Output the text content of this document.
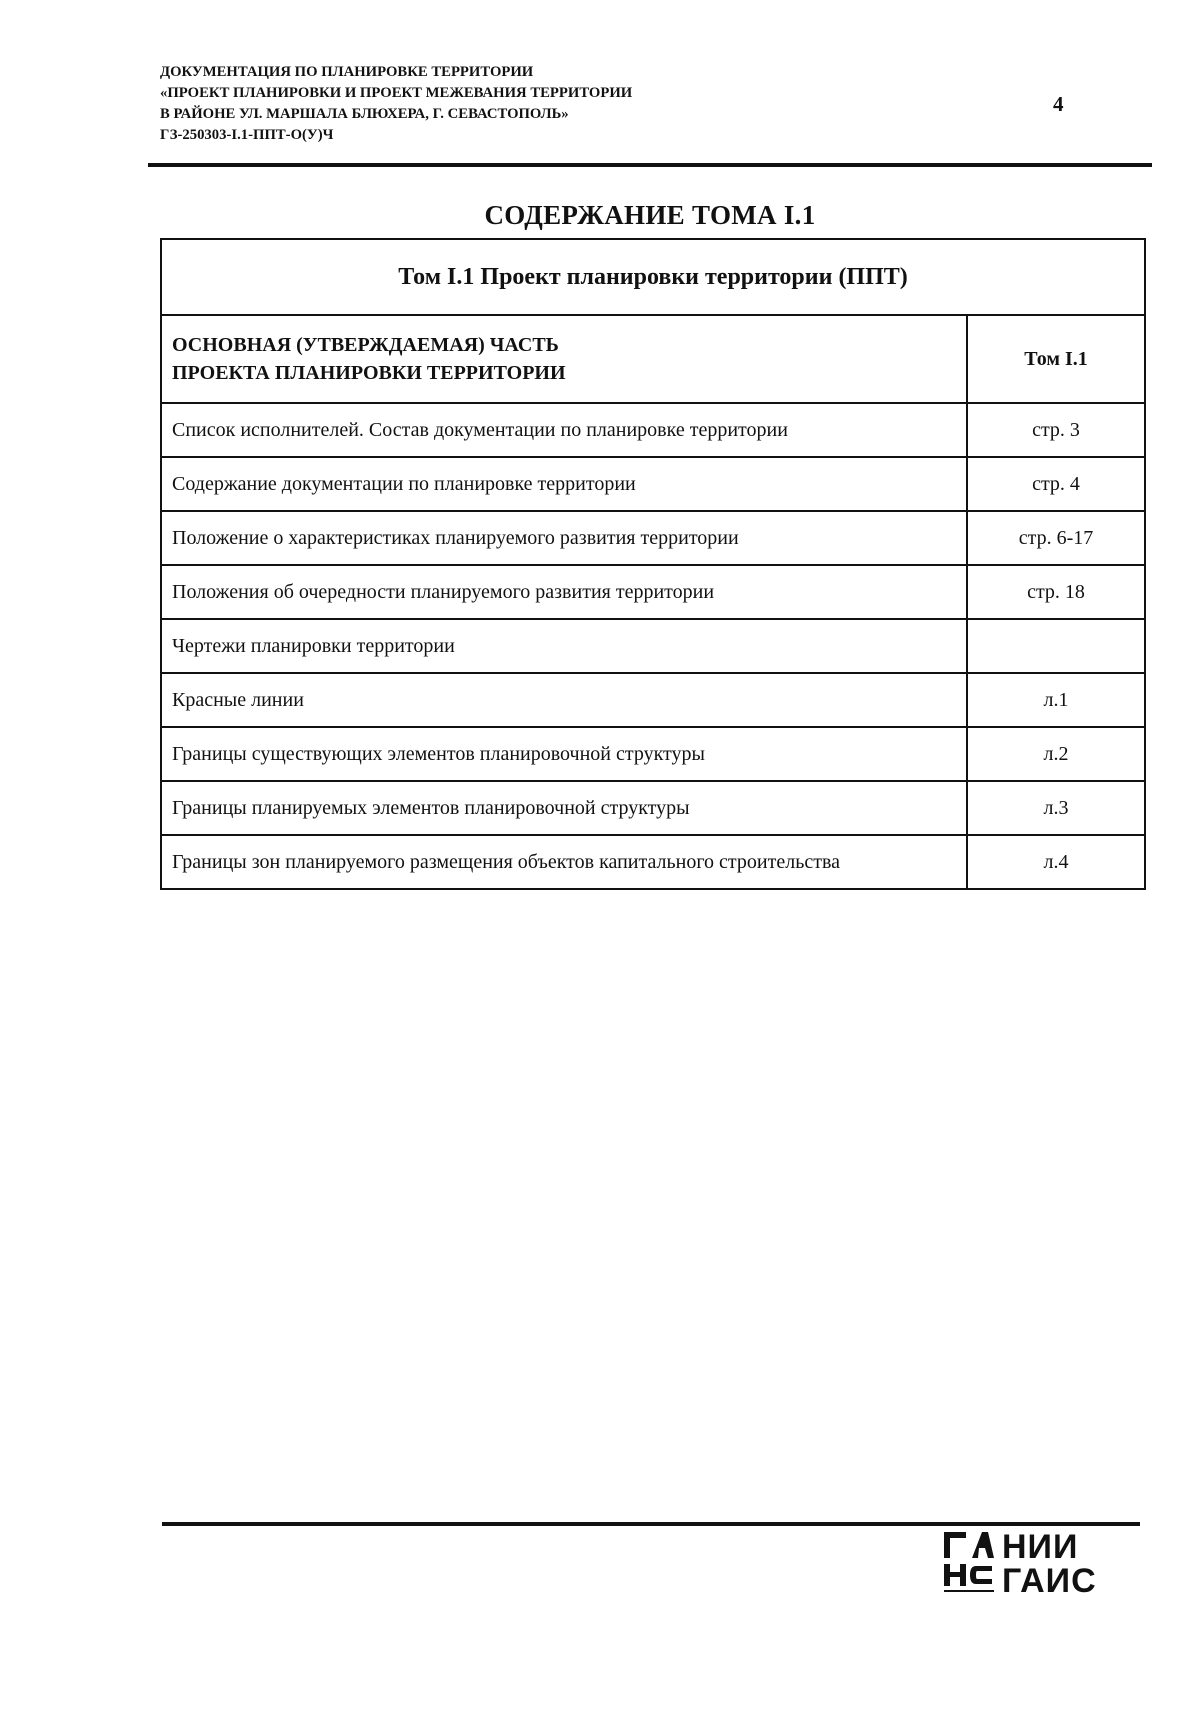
ДОКУМЕНТАЦИЯ ПО ПЛАНИРОВКЕ ТЕРРИТОРИИ
«ПРОЕКТ ПЛАНИРОВКИ И ПРОЕКТ МЕЖЕВАНИЯ ТЕРРИТОРИИ
В РАЙОНЕ УЛ. МАРШАЛА БЛЮХЕРА, Г. СЕВАСТОПОЛЬ»
ГЗ-250303-I.1-ППТ-О(У)Ч
4
СОДЕРЖАНИЕ ТОМА I.1
Том I.1 Проект планировки территории (ППТ)	

ОСНОВНАЯ (УТВЕРЖДАЕМАЯ) ЧАСТЬ
ПРОЕКТА ПЛАНИРОВКИ ТЕРРИТОРИИ	Том I.1
Список исполнителей. Состав документации по планировке территории	стр. 3
Содержание документации по планировке территории	стр. 4
Положение о характеристиках планируемого развития территории	стр. 6-17
Положения об очередности планируемого развития территории	стр. 18
Чертежи планировки территории	
Красные линии	л.1
Границы существующих элементов планировочной структуры	л.2
Границы планируемых элементов планировочной структуры	л.3
Границы зон планируемого размещения объектов капитального строительства	л.4
НИИ
ГАИС
